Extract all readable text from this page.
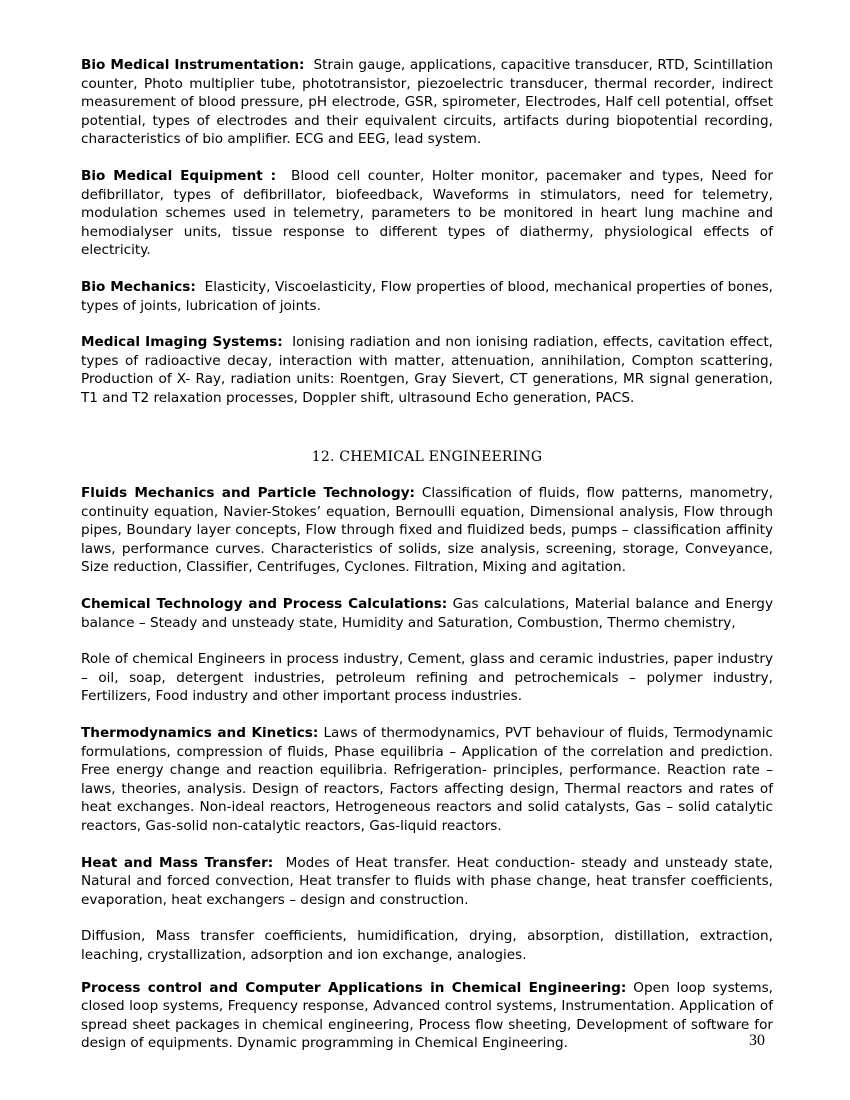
Bio Medical Instrumentation: Strain gauge, applications, capacitive transducer, RTD, Scintillation counter, Photo multiplier tube, phototransistor, piezoelectric transducer, thermal recorder, indirect measurement of blood pressure, pH electrode, GSR, spirometer, Electrodes, Half cell potential, offset potential, types of electrodes and their equivalent circuits, artifacts during biopotential recording, characteristics of bio amplifier. ECG and EEG, lead system.

Bio Medical Equipment : Blood cell counter, Holter monitor, pacemaker and types, Need for defibrillator, types of defibrillator, biofeedback, Waveforms in stimulators, need for telemetry, modulation schemes used in telemetry, parameters to be monitored in heart lung machine and hemodialyser units, tissue response to different types of diathermy, physiological effects of electricity.

Bio Mechanics: Elasticity, Viscoelasticity, Flow properties of blood, mechanical properties of bones, types of joints, lubrication of joints.

Medical Imaging Systems: Ionising radiation and non ionising radiation, effects, cavitation effect, types of radioactive decay, interaction with matter, attenuation, annihilation, Compton scattering, Production of X- Ray, radiation units: Roentgen, Gray Sievert, CT generations, MR signal generation, T1 and T2 relaxation processes, Doppler shift, ultrasound Echo generation, PACS.

12. CHEMICAL ENGINEERING

Fluids Mechanics and Particle Technology: Classification of fluids, flow patterns, manometry, continuity equation, Navier-Stokes’ equation, Bernoulli equation, Dimensional analysis, Flow through pipes, Boundary layer concepts, Flow through fixed and fluidized beds, pumps – classification affinity laws, performance curves. Characteristics of solids, size analysis, screening, storage, Conveyance, Size reduction, Classifier, Centrifuges, Cyclones. Filtration, Mixing and agitation.

Chemical Technology and Process Calculations: Gas calculations, Material balance and Energy balance – Steady and unsteady state, Humidity and Saturation, Combustion, Thermo chemistry,

Role of chemical Engineers in process industry, Cement, glass and ceramic industries, paper industry – oil, soap, detergent industries, petroleum refining and petrochemicals – polymer industry, Fertilizers, Food industry and other important process industries.

Thermodynamics and Kinetics: Laws of thermodynamics, PVT behaviour of fluids, Termodynamic formulations, compression of fluids, Phase equilibria – Application of the correlation and prediction. Free energy change and reaction equilibria. Refrigeration- principles, performance. Reaction rate – laws, theories, analysis. Design of reactors, Factors affecting design, Thermal reactors and rates of heat exchanges. Non-ideal reactors, Hetrogeneous reactors and solid catalysts, Gas – solid catalytic reactors, Gas-solid non-catalytic reactors, Gas-liquid reactors.

Heat and Mass Transfer: Modes of Heat transfer. Heat conduction- steady and unsteady state, Natural and forced convection, Heat transfer to fluids with phase change, heat transfer coefficients, evaporation, heat exchangers – design and construction.

Diffusion, Mass transfer coefficients, humidification, drying, absorption, distillation, extraction, leaching, crystallization, adsorption and ion exchange, analogies.

Process control and Computer Applications in Chemical Engineering: Open loop systems, closed loop systems, Frequency response, Advanced control systems, Instrumentation. Application of spread sheet packages in chemical engineering, Process flow sheeting, Development of software for design of equipments. Dynamic programming in Chemical Engineering.	30
